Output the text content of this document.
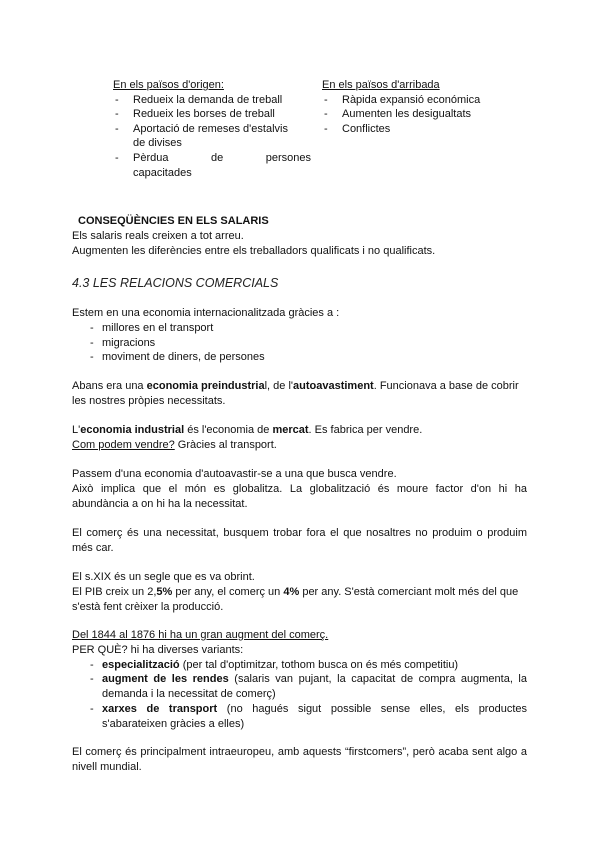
En els països d'origen:
- Redueix la demanda de treball
- Redueix les borses de treball
- Aportació de remeses d'estalvis
de divises
- Pèrdua	de	persones
capacitades
En els països d'arribada
- Ràpida expansió económica
- Aumenten les desigualtats
- Conflictes
CONSEQÜÈNCIES EN ELS SALARIS
Els salaris reals creixen a tot arreu.
Augmenten les diferències entre els treballadors qualificats i no qualificats.
4.3 LES RELACIONS COMERCIALS
Estem en una economia internacionalitzada gràcies a :
- millores en el transport
- migracions
- moviment de diners, de persones
Abans era una economia preindustrial, de l'autoavastiment. Funcionava a base de cobrir
les nostres pròpies necessitats.
L'economia industrial és l'economia de mercat. Es fabrica per vendre.
Com podem vendre? Gràcies al transport.
Passem d'una economia d'autoavastir-se a una que busca vendre.
Això implica que el món es globalitza. La globalització és moure factor d'on hi ha
abundància a on hi ha la necessitat.
El comerç és una necessitat, busquem trobar fora el que nosaltres no produim o produim
més car.
El s.XIX és un segle que es va obrint.
El PIB creix un 2,5% per any, el comerç un 4% per any. S'està comerciant molt més del que
s'està fent crèixer la producció.
Del 1844 al 1876 hi ha un gran augment del comerç.
PER QUÈ? hi ha diverses variants:
- especialització (per tal d'optimitzar, tothom busca on és més competitiu)
- augment de les rendes (salaris van pujant, la capacitat de compra augmenta, la
demanda i la necessitat de comerç)
- xarxes de transport (no hagués sigut possible sense elles, els productes
s'abarateixen gràcies a elles)
El comerç és principalment intraeuropeu, amb aquests “firstcomers”, però acaba sent algo a
nivell mundial.
